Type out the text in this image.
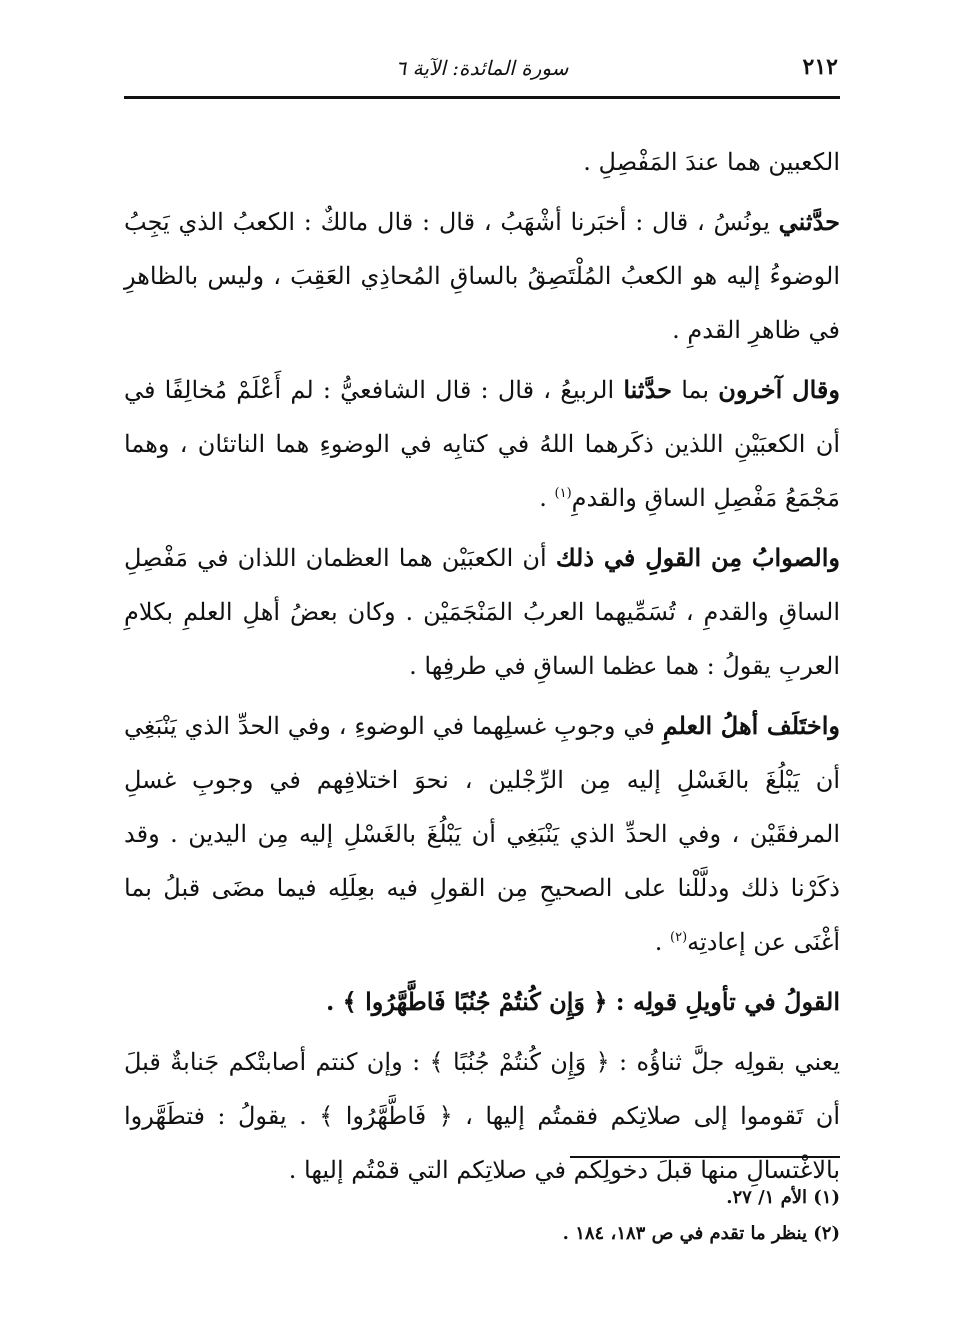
٢١٢
سورة المائدة: الآية ٦

الكعبين هما عندَ المَفْصِلِ .

حدَّثني يونُسُ ، قال : أخبَرنا أشْهَبُ ، قال : قال مالكٌ : الكعبُ الذي يَجِبُ الوضوءُ إليه هو الكعبُ المُلْتَصِقُ بالساقِ المُحاذِي العَقِبَ ، وليس بالظاهرِ في ظاهرِ القدمِ .

وقال آخرون بما حدَّثنا الربيعُ ، قال : قال الشافعيُّ : لم أَعْلَمْ مُخالِفًا في أن الكعبَيْنِ اللذين ذكَرهما اللهُ في كتابِه في الوضوءِ هما الناتئان ، وهما مَجْمَعُ مَفْصِلِ الساقِ والقدمِ$^{(١)}$ .

والصوابُ مِن القولِ في ذلك أن الكعبَيْن هما العظمان اللذان في مَفْصِلِ الساقِ والقدمِ ، تُسَمِّيهما العربُ المَنْجَمَيْن . وكان بعضُ أهلِ العلمِ بكلامِ العربِ يقولُ : هما عظما الساقِ في طرفِها .

واختَلَف أهلُ العلمِ في وجوبِ غسلِهما في الوضوءِ ، وفي الحدِّ الذي يَنْبَغِي أن يَبْلُغَ بالغَسْلِ إليه مِن الرِّجْلين ، نحوَ اختلافِهم في وجوبِ غسلِ المرفقَيْن ، وفي الحدِّ الذي يَنْبَغِي أن يَبْلُغَ بالغَسْلِ إليه مِن اليدين . وقد ذكَرْنا ذلك ودلَّلْنا على الصحيحِ مِن القولِ فيه بعِلَلِه فيما مضَى قبلُ بما أغْنَى عن إعادتِه$^{(٢)}$ .

القولُ في تأويلِ قولِه : ﴿ وَإِن كُنتُمْ جُنُبًا فَاطَّهَّرُوا ﴾ .

يعني بقولِه جلَّ ثناؤُه : ﴿ وَإِن كُنتُمْ جُنُبًا ﴾ : وإن كنتم أصابتْكم جَنابةٌ قبلَ أن تَقوموا إلى صلاتِكم فقمتُم إليها ، ﴿ فَاطَّهَّرُوا ﴾ . يقولُ : فتطَهَّروا بالاغْتسالِ منها قبلَ دخولِكم في صلاتِكم التي قمْتُم إليها .

(١) الأم ١/ ٢٧.
(٢) ينظر ما تقدم في ص ١٨٣، ١٨٤ .
